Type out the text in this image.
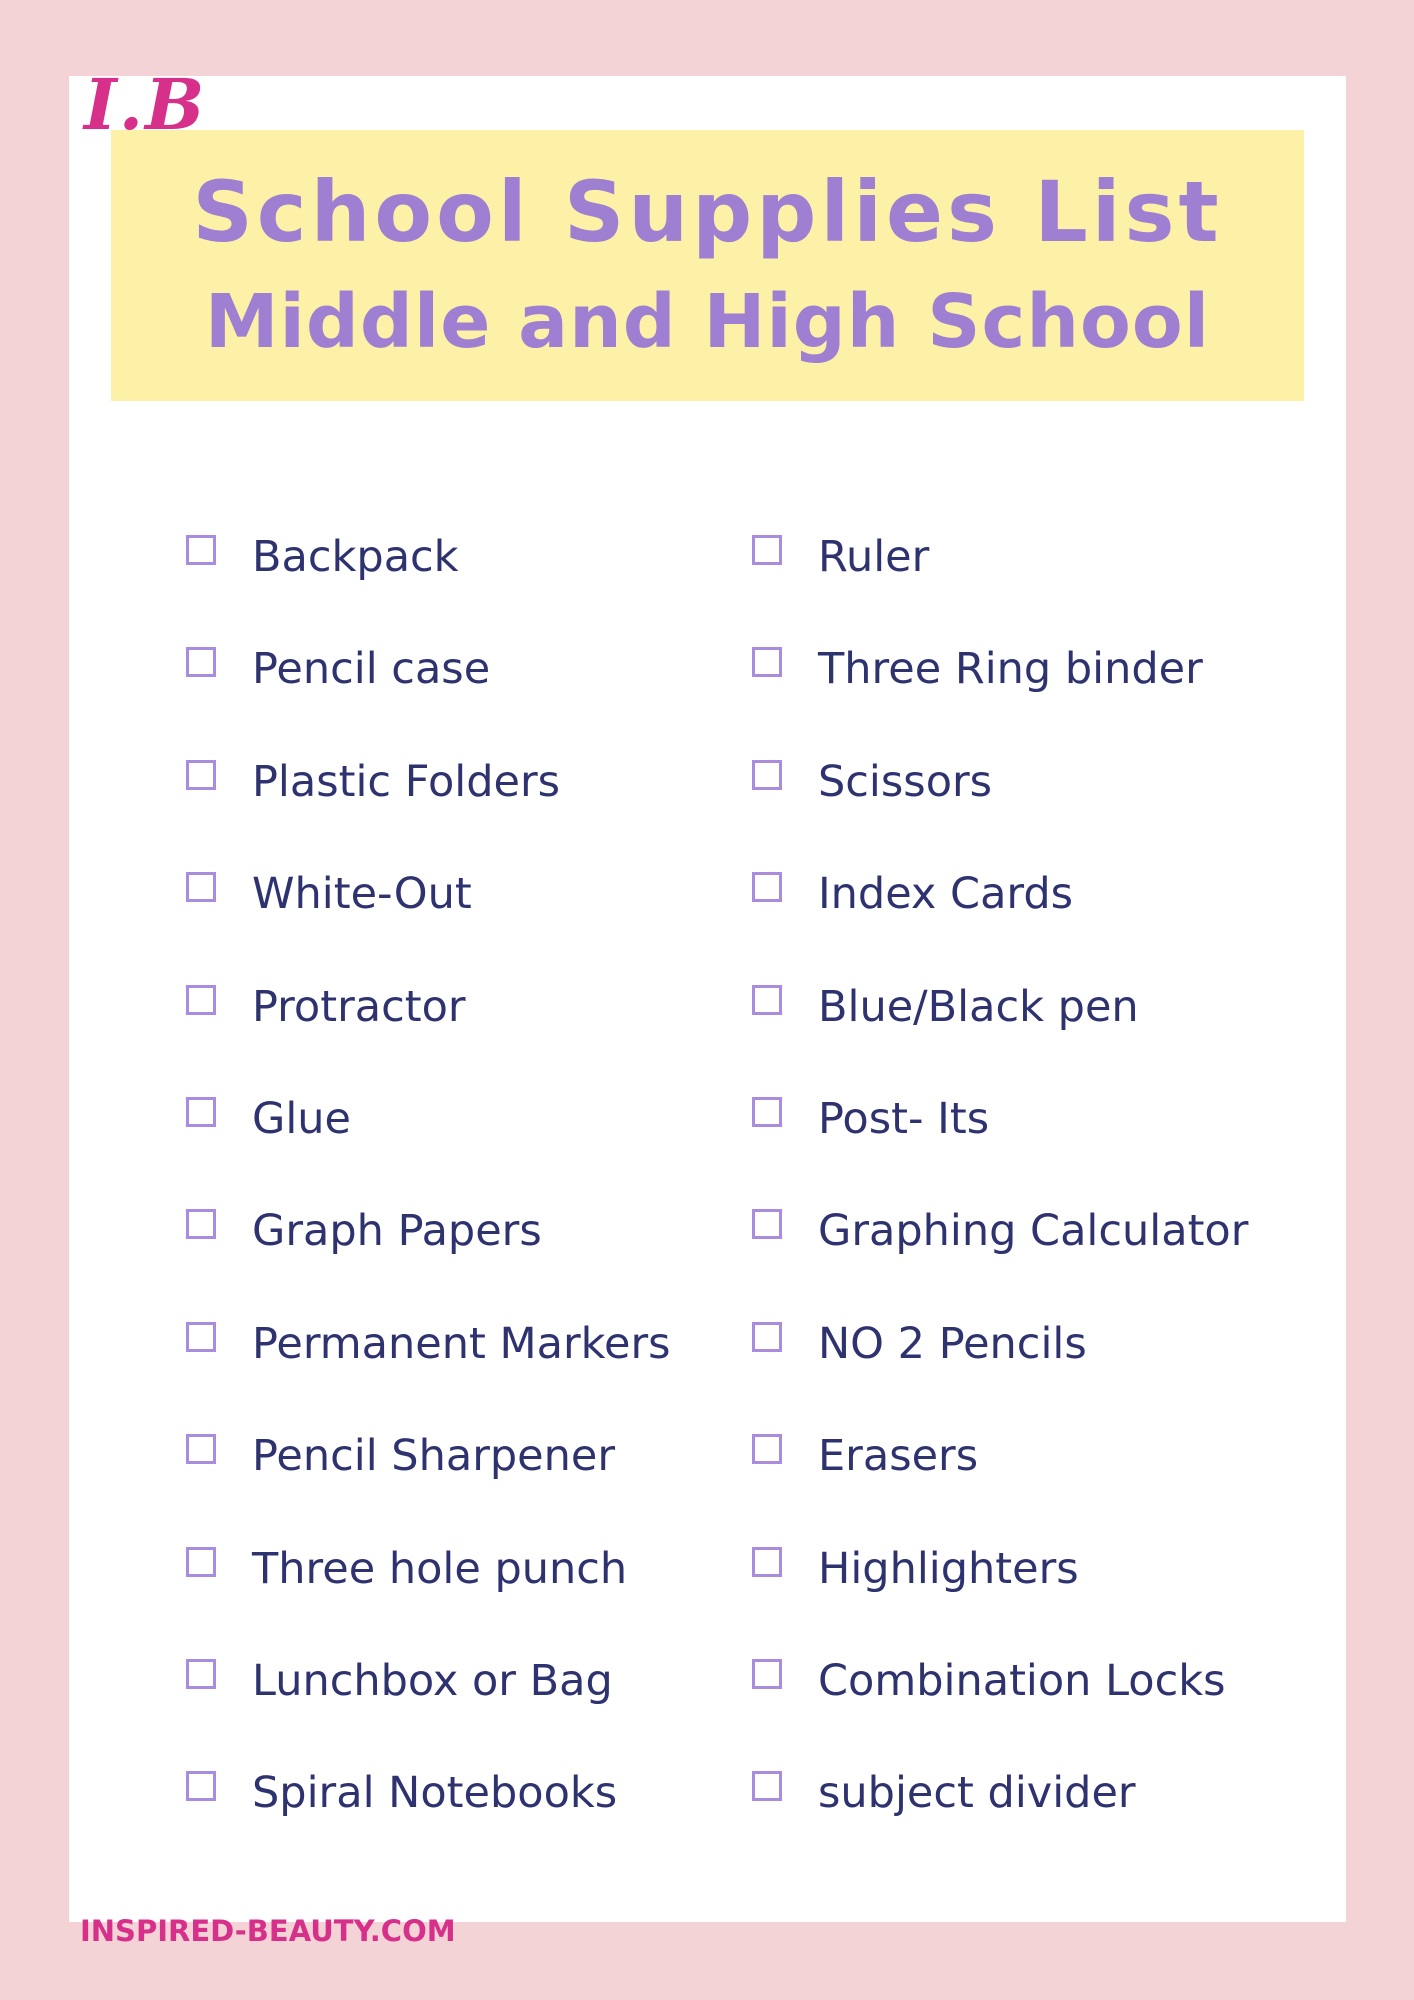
I.B
School Supplies List
Middle and High School
Backpack
Pencil case
Plastic Folders
White-Out
Protractor
Glue
Graph Papers
Permanent Markers
Pencil Sharpener
Three hole punch
Lunchbox or Bag
Spiral Notebooks
Ruler
Three Ring binder
Scissors
Index Cards
Blue/Black pen
Post- Its
Graphing Calculator
NO 2 Pencils
Erasers
Highlighters
Combination Locks
subject divider
INSPIRED-BEAUTY.COM
